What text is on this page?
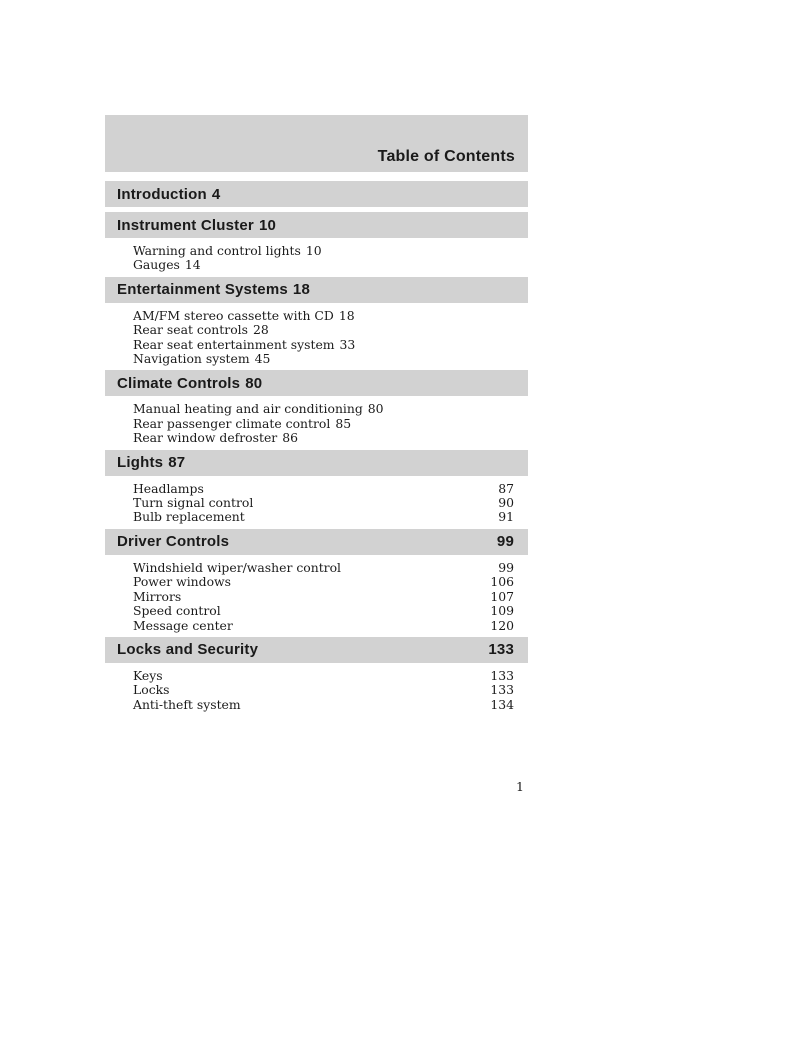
Table of Contents
Introduction 4
Instrument Cluster 10
Warning and control lights 10
Gauges 14
Entertainment Systems 18
AM/FM stereo cassette with CD 18
Rear seat controls 28
Rear seat entertainment system 33
Navigation system 45
Climate Controls 80
Manual heating and air conditioning 80
Rear passenger climate control 85
Rear window defroster 86
Lights 87
Headlamps	87
Turn signal control	90
Bulb replacement	91
Driver Controls	99
Windshield wiper/washer control	99
Power windows	106
Mirrors	107
Speed control	109
Message center	120
Locks and Security	133
Keys	133
Locks	133
Anti-theft system	134
1
